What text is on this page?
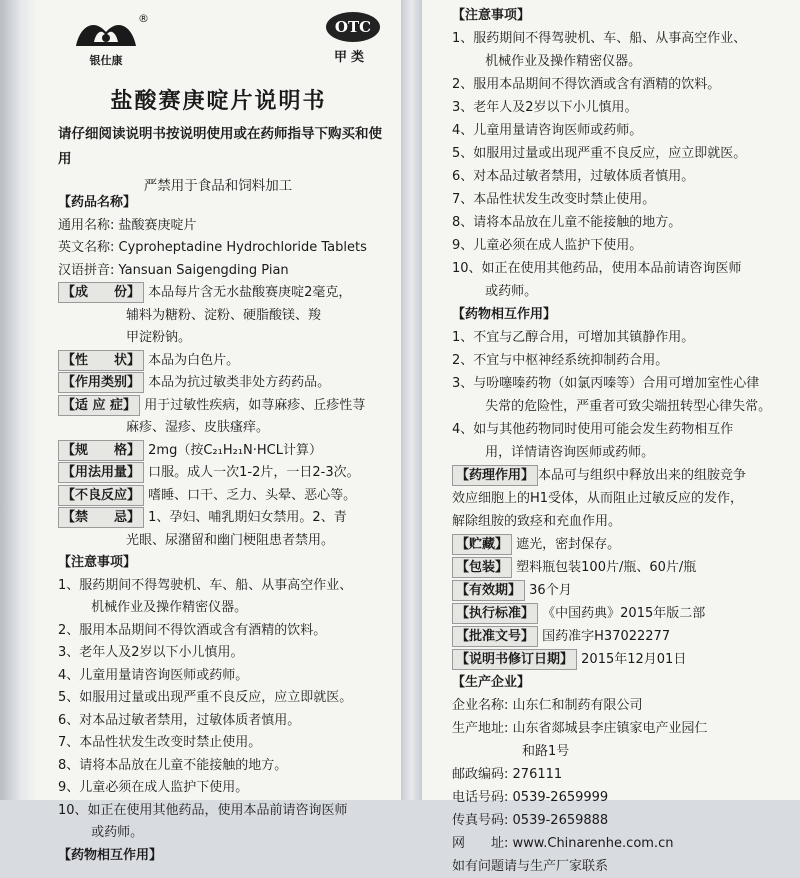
银仕康
®	OTC
甲类
盐酸赛庚啶片说明书
请仔细阅读说明书按说明使用或在药师指导下购买和使用
严禁用于食品和饲料加工
【药品名称】
通用名称: 盐酸赛庚啶片
英文名称: Cyproheptadine Hydrochloride Tablets
汉语拼音: Yansuan Saigengding Pian
【成　　份】 本品每片含无水盐酸赛庚啶2毫克，
辅料为糖粉、淀粉、硬脂酸镁、羧
甲淀粉钠。
【性　　状】 本品为白色片。
【作用类别】 本品为抗过敏类非处方药药品。
【适 应 症】 用于过敏性疾病，如荨麻疹、丘疹性荨
麻疹、湿疹、皮肤瘙痒。
【规　　格】 2mg（按C₂₁H₂₁N·HCL计算）
【用法用量】 口服。成人一次1-2片，一日2-3次。
【不良反应】 嗜睡、口干、乏力、头晕、恶心等。
【禁　　忌】 1、孕妇、哺乳期妇女禁用。2、青
光眼、尿潴留和幽门梗阻患者禁用。
【注意事项】
1、服药期间不得驾驶机、车、船、从事高空作业、
　 机械作业及操作精密仪器。
2、服用本品期间不得饮酒或含有酒精的饮料。
3、老年人及2岁以下小儿慎用。
4、儿童用量请咨询医师或药师。
5、如服用过量或出现严重不良反应，应立即就医。
6、对本品过敏者禁用，过敏体质者慎用。
7、本品性状发生改变时禁止使用。
8、请将本品放在儿童不能接触的地方。
9、儿童必须在成人监护下使用。
10、如正在使用其他药品，使用本品前请咨询医师
　 或药师。
【药物相互作用】
【注意事项】
1、服药期间不得驾驶机、车、船、从事高空作业、
　 机械作业及操作精密仪器。
2、服用本品期间不得饮酒或含有酒精的饮料。
3、老年人及2岁以下小儿慎用。
4、儿童用量请咨询医师或药师。
5、如服用过量或出现严重不良反应，应立即就医。
6、对本品过敏者禁用，过敏体质者慎用。
7、本品性状发生改变时禁止使用。
8、请将本品放在儿童不能接触的地方。
9、儿童必须在成人监护下使用。
10、如正在使用其他药品，使用本品前请咨询医师
　 或药师。
【药物相互作用】
1、不宜与乙醇合用，可增加其镇静作用。
2、不宜与中枢神经系统抑制药合用。
3、与吩噻嗪药物（如氯丙嗪等）合用可增加室性心律
　 失常的危险性，严重者可致尖端扭转型心律失常。
4、如与其他药物同时使用可能会发生药物相互作
　 用，详情请咨询医师或药师。
【药理作用】 本品可与组织中释放出来的组胺竞争
效应细胞上的H1受体，从而阻止过敏反应的发作，
解除组胺的致痉和充血作用。
【贮藏】 遮光，密封保存。
【包装】 塑料瓶包装100片/瓶、60片/瓶
【有效期】 36个月
【执行标准】 《中国药典》2015年版二部
【批准文号】 国药准字H37022277
【说明书修订日期】 2015年12月01日
【生产企业】
企业名称: 山东仁和制药有限公司
生产地址: 山东省郯城县李庄镇家电产业园仁
和路1号
邮政编码: 276111
电话号码: 0539-2659999
传真号码: 0539-2659888
网　　址: www.Chinarenhe.com.cn
如有问题请与生产厂家联系
